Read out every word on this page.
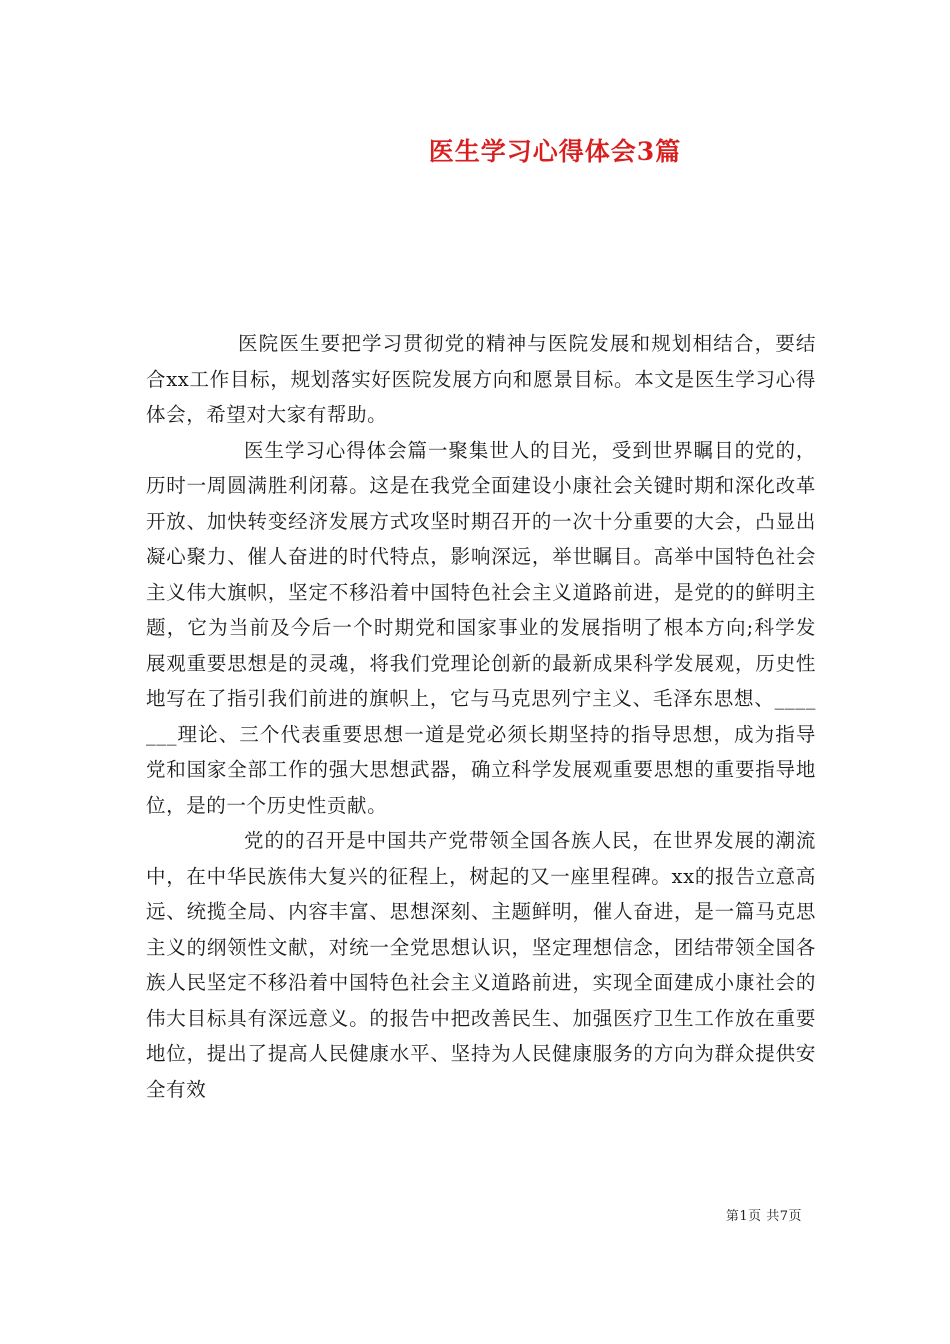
医生学习心得体会3篇

医院医生要把学习贯彻党的精神与医院发展和规划相结合，要结合xx工作目标，规划落实好医院发展方向和愿景目标。本文是医生学习心得体会，希望对大家有帮助。

医生学习心得体会篇一聚集世人的目光，受到世界瞩目的党的，历时一周圆满胜利闭幕。这是在我党全面建设小康社会关键时期和深化改革开放、加快转变经济发展方式攻坚时期召开的一次十分重要的大会，凸显出凝心聚力、催人奋进的时代特点，影响深远，举世瞩目。高举中国特色社会主义伟大旗帜，坚定不移沿着中国特色社会主义道路前进，是党的的鲜明主题，它为当前及今后一个时期党和国家事业的发展指明了根本方向;科学发展观重要思想是的灵魂，将我们党理论创新的最新成果科学发展观，历史性地写在了指引我们前进的旗帜上，它与马克思列宁主义、毛泽东思想、_______理论、三个代表重要思想一道是党必须长期坚持的指导思想，成为指导党和国家全部工作的强大思想武器，确立科学发展观重要思想的重要指导地位，是的一个历史性贡献。

党的的召开是中国共产党带领全国各族人民，在世界发展的潮流中，在中华民族伟大复兴的征程上，树起的又一座里程碑。xx的报告立意高远、统揽全局、内容丰富、思想深刻、主题鲜明，催人奋进，是一篇马克思主义的纲领性文献，对统一全党思想认识，坚定理想信念，团结带领全国各族人民坚定不移沿着中国特色社会主义道路前进，实现全面建成小康社会的伟大目标具有深远意义。的报告中把改善民生、加强医疗卫生工作放在重要地位，提出了提高人民健康水平、坚持为人民健康服务的方向为群众提供安全有效

第1页 共7页
